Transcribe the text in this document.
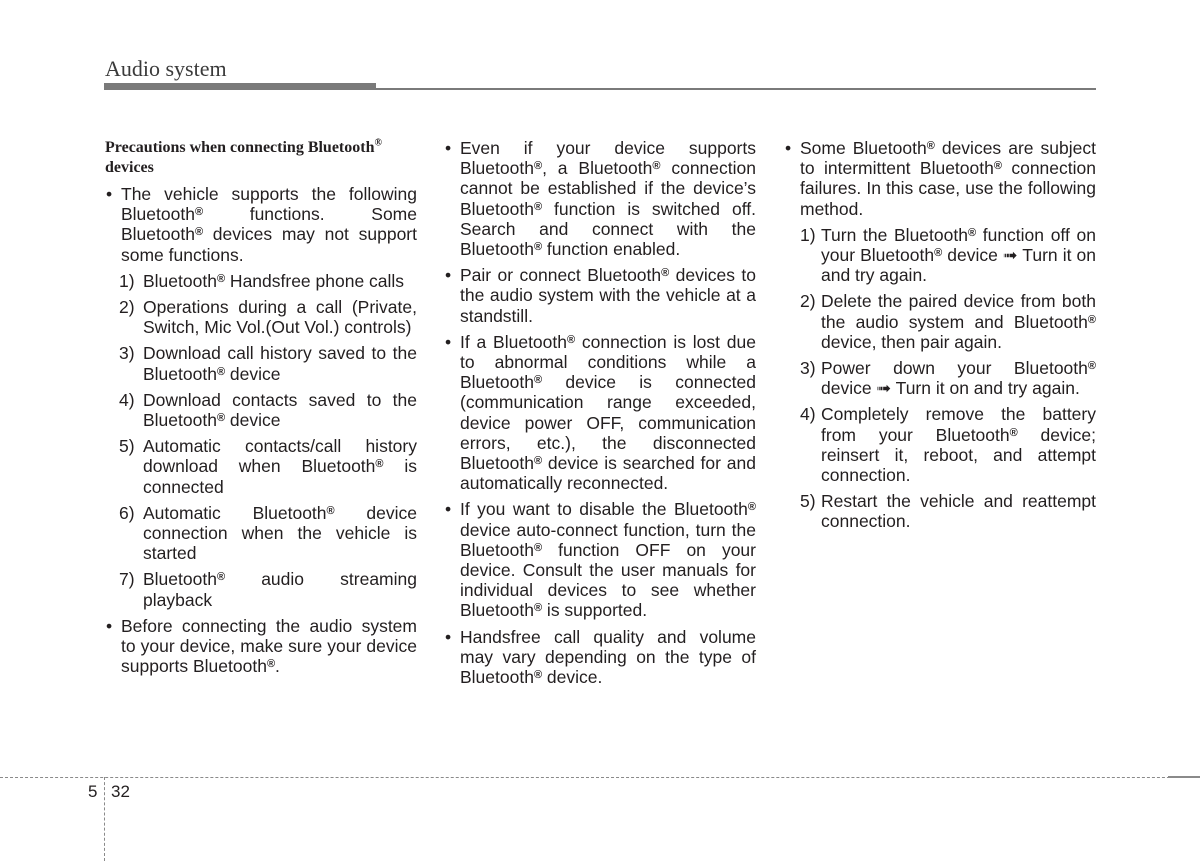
Audio system
Precautions when connecting Bluetooth®
devices
• The vehicle supports the following Bluetooth® functions. Some Bluetooth® devices may not support some functions.
1) Bluetooth® Handsfree phone calls
2) Operations during a call (Private, Switch, Mic Vol.(Out Vol.) controls)
3) Download call history saved to the Bluetooth® device
4) Download contacts saved to the Bluetooth® device
5) Automatic contacts/call history download when Bluetooth® is connected
6) Automatic Bluetooth® device connection when the vehicle is started
7) Bluetooth® audio streaming playback
• Before connecting the audio system to your device, make sure your device supports Bluetooth®.
• Even if your device supports Bluetooth®, a Bluetooth® connection cannot be established if the device’s Bluetooth® function is switched off. Search and connect with the Bluetooth® function enabled.
• Pair or connect Bluetooth® devices to the audio system with the vehicle at a standstill.
• If a Bluetooth® connection is lost due to abnormal conditions while a Bluetooth® device is connected (communication range exceeded, device power OFF, communication errors, etc.), the disconnected Bluetooth® device is searched for and automatically reconnected.
• If you want to disable the Bluetooth® device auto-connect function, turn the Bluetooth® function OFF on your device. Consult the user manuals for individual devices to see whether Bluetooth® is supported.
• Handsfree call quality and volume may vary depending on the type of Bluetooth® device.
• Some Bluetooth® devices are subject to intermittent Bluetooth® connection failures. In this case, use the following method.
1) Turn the Bluetooth® function off on your Bluetooth® device ➟ Turn it on and try again.
2) Delete the paired device from both the audio system and Bluetooth® device, then pair again.
3) Power down your Bluetooth® device ➟ Turn it on and try again.
4) Completely remove the battery from your Bluetooth® device; reinsert it, reboot, and attempt connection.
5) Restart the vehicle and reattempt connection.
5 32
